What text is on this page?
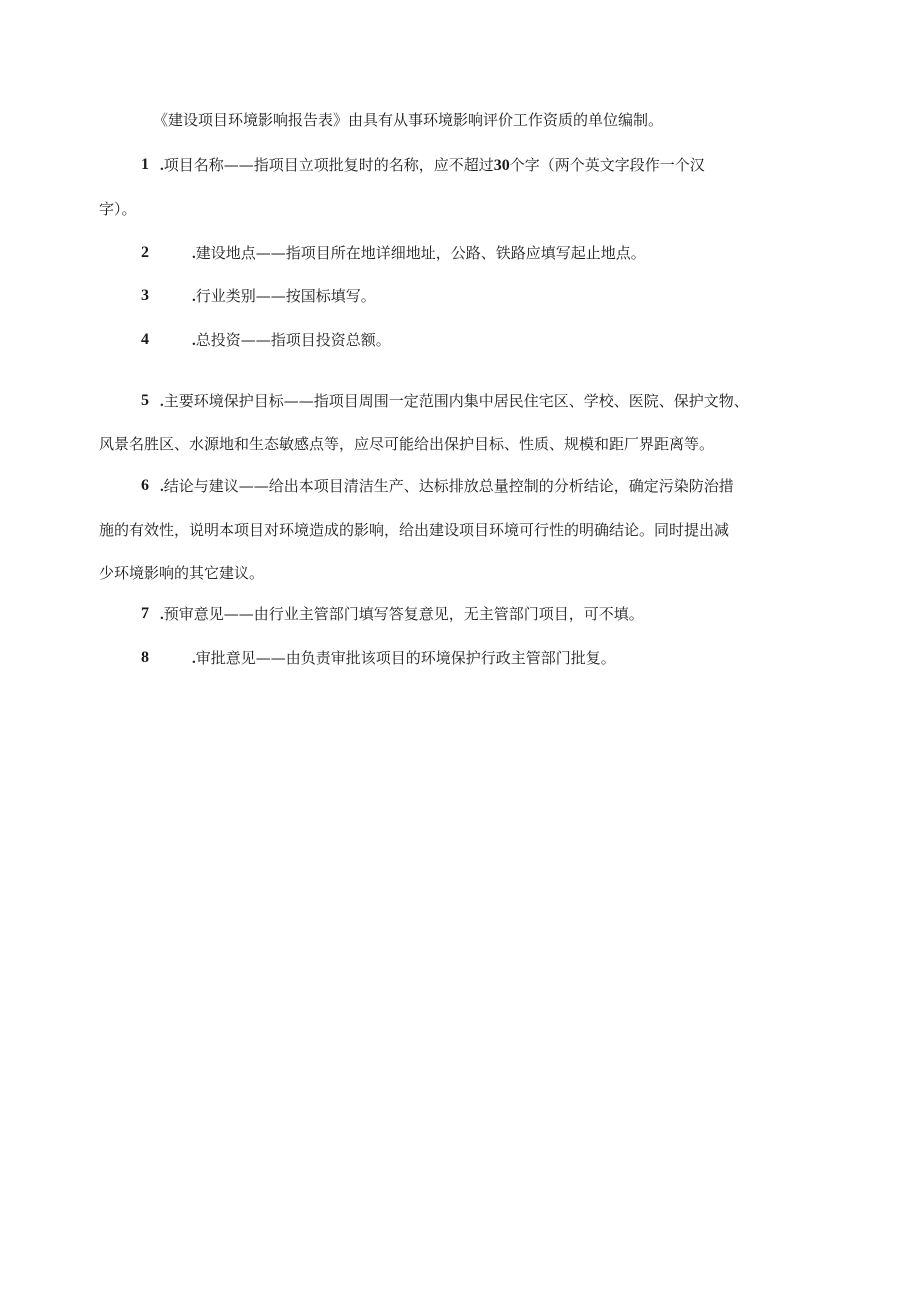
《建设项目环境影响报告表》由具有从事环境影响评价工作资质的单位编制。
1 .项目名称——指项目立项批复时的名称，应不超过30个字（两个英文字段作一个汉
字）。
2	.建设地点——指项目所在地详细地址，公路、铁路应填写起止地点。
3	.行业类别——按国标填写。
4	.总投资——指项目投资总额。
5 .主要环境保护目标——指项目周围一定范围内集中居民住宅区、学校、医院、保护文物、
风景名胜区、水源地和生态敏感点等，应尽可能给出保护目标、性质、规模和距厂界距离等。
6 .结论与建议——给出本项目清洁生产、达标排放总量控制的分析结论，确定污染防治措
施的有效性，说明本项目对环境造成的影响，给出建设项目环境可行性的明确结论。同时提出减
少环境影响的其它建议。
7 .预审意见——由行业主管部门填写答复意见，无主管部门项目，可不填。
8	.审批意见——由负责审批该项目的环境保护行政主管部门批复。
